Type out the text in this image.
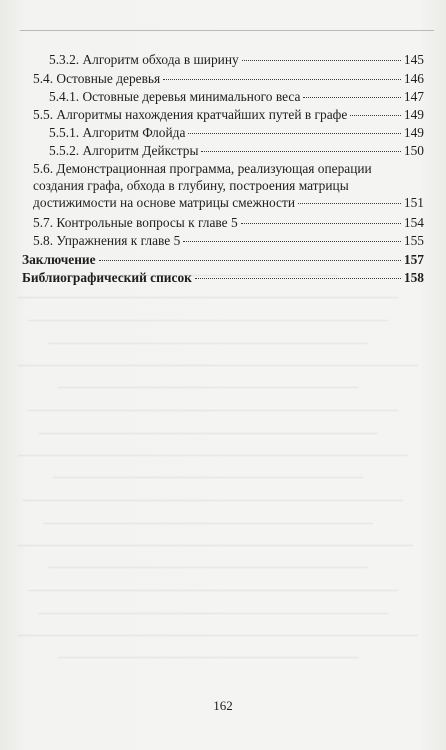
5.3.2. Алгоритм обхода в ширину	145
5.4. Остовные деревья	146
5.4.1. Остовные деревья минимального веса	147
5.5. Алгоритмы нахождения кратчайших путей в графе	149
5.5.1. Алгоритм Флойда	149
5.5.2. Алгоритм Дейкстры	150
5.6. Демонстрационная программа, реализующая операции
создания графа, обхода в глубину, построения матрицы
достижимости на основе матрицы смежности	151
5.7. Контрольные вопросы к главе 5	154
5.8. Упражнения к главе 5	155
Заключение	157
Библиографический список	158
162
